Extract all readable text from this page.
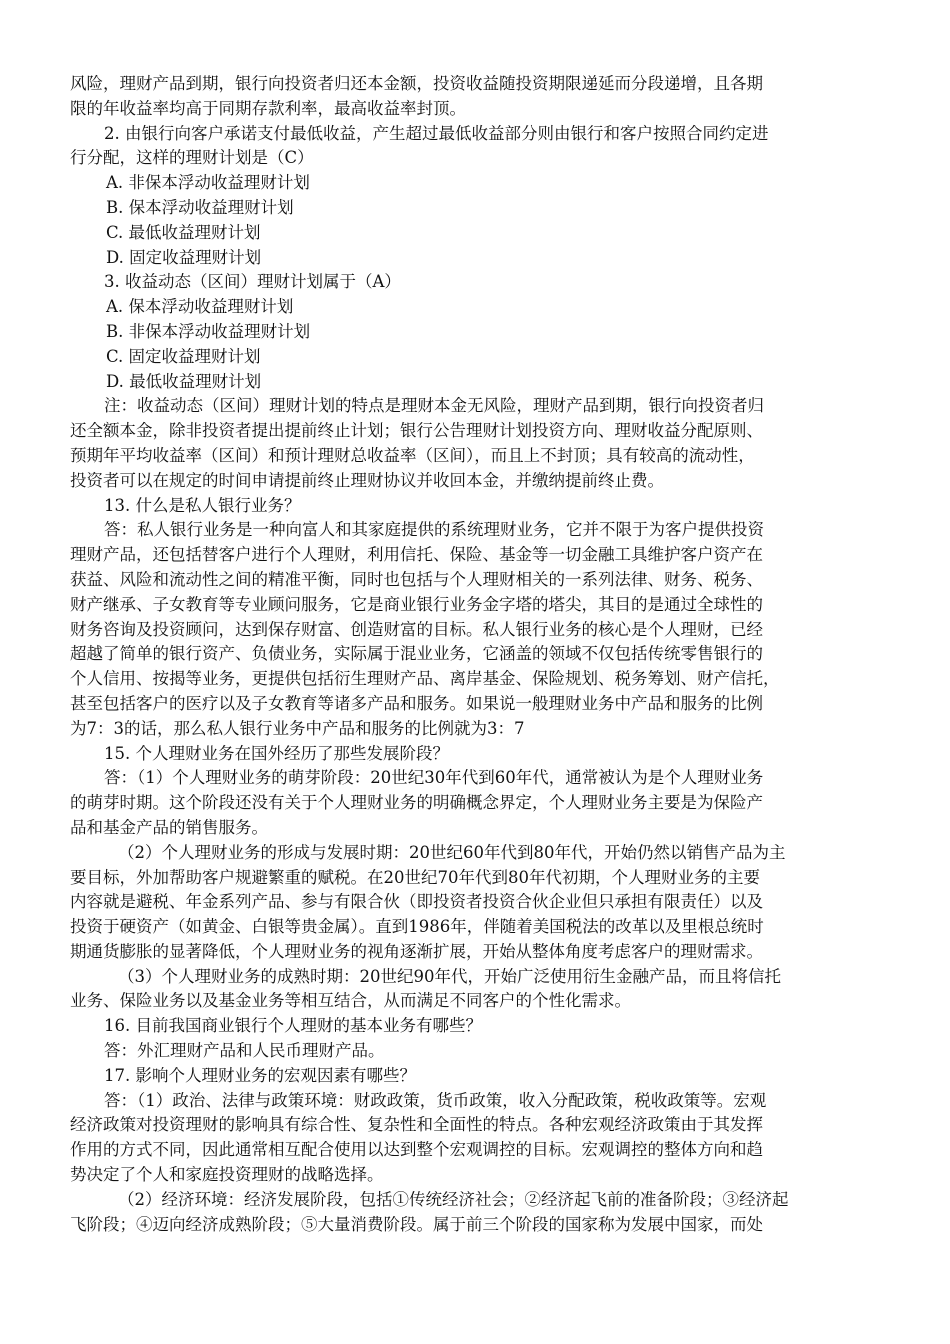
风险，理财产品到期，银行向投资者归还本金额，投资收益随投资期限递延而分段递增，且各期
限的年收益率均高于同期存款利率，最高收益率封顶。
2. 由银行向客户承诺支付最低收益，产生超过最低收益部分则由银行和客户按照合同约定进
行分配，这样的理财计划是（C）
A. 非保本浮动收益理财计划
B. 保本浮动收益理财计划
C. 最低收益理财计划
D. 固定收益理财计划
3. 收益动态（区间）理财计划属于（A）
A. 保本浮动收益理财计划
B. 非保本浮动收益理财计划
C. 固定收益理财计划
D. 最低收益理财计划
注：收益动态（区间）理财计划的特点是理财本金无风险，理财产品到期，银行向投资者归
还全额本金，除非投资者提出提前终止计划；银行公告理财计划投资方向、理财收益分配原则、
预期年平均收益率（区间）和预计理财总收益率（区间），而且上不封顶；具有较高的流动性，
投资者可以在规定的时间申请提前终止理财协议并收回本金，并缴纳提前终止费。
13. 什么是私人银行业务？
答：私人银行业务是一种向富人和其家庭提供的系统理财业务，它并不限于为客户提供投资
理财产品，还包括替客户进行个人理财，利用信托、保险、基金等一切金融工具维护客户资产在
获益、风险和流动性之间的精准平衡，同时也包括与个人理财相关的一系列法律、财务、税务、
财产继承、子女教育等专业顾问服务，它是商业银行业务金字塔的塔尖，其目的是通过全球性的
财务咨询及投资顾问，达到保存财富、创造财富的目标。私人银行业务的核心是个人理财，已经
超越了简单的银行资产、负债业务，实际属于混业业务，它涵盖的领域不仅包括传统零售银行的
个人信用、按揭等业务，更提供包括衍生理财产品、离岸基金、保险规划、税务筹划、财产信托，
甚至包括客户的医疗以及子女教育等诸多产品和服务。如果说一般理财业务中产品和服务的比例
为7：3的话，那么私人银行业务中产品和服务的比例就为3：7
15. 个人理财业务在国外经历了那些发展阶段？
答：（1）个人理财业务的萌芽阶段：20世纪30年代到60年代，通常被认为是个人理财业务
的萌芽时期。这个阶段还没有关于个人理财业务的明确概念界定，个人理财业务主要是为保险产
品和基金产品的销售服务。
（2）个人理财业务的形成与发展时期：20世纪60年代到80年代，开始仍然以销售产品为主
要目标，外加帮助客户规避繁重的赋税。在20世纪70年代到80年代初期，个人理财业务的主要
内容就是避税、年金系列产品、参与有限合伙（即投资者投资合伙企业但只承担有限责任）以及
投资于硬资产（如黄金、白银等贵金属）。直到1986年，伴随着美国税法的改革以及里根总统时
期通货膨胀的显著降低，个人理财业务的视角逐渐扩展，开始从整体角度考虑客户的理财需求。
（3）个人理财业务的成熟时期：20世纪90年代，开始广泛使用衍生金融产品，而且将信托
业务、保险业务以及基金业务等相互结合，从而满足不同客户的个性化需求。
16. 目前我国商业银行个人理财的基本业务有哪些？
答：外汇理财产品和人民币理财产品。
17. 影响个人理财业务的宏观因素有哪些？
答：（1）政治、法律与政策环境：财政政策，货币政策，收入分配政策，税收政策等。宏观
经济政策对投资理财的影响具有综合性、复杂性和全面性的特点。各种宏观经济政策由于其发挥
作用的方式不同，因此通常相互配合使用以达到整个宏观调控的目标。宏观调控的整体方向和趋
势决定了个人和家庭投资理财的战略选择。
（2）经济环境：经济发展阶段，包括①传统经济社会；②经济起飞前的准备阶段；③经济起
飞阶段；④迈向经济成熟阶段；⑤大量消费阶段。属于前三个阶段的国家称为发展中国家，而处
